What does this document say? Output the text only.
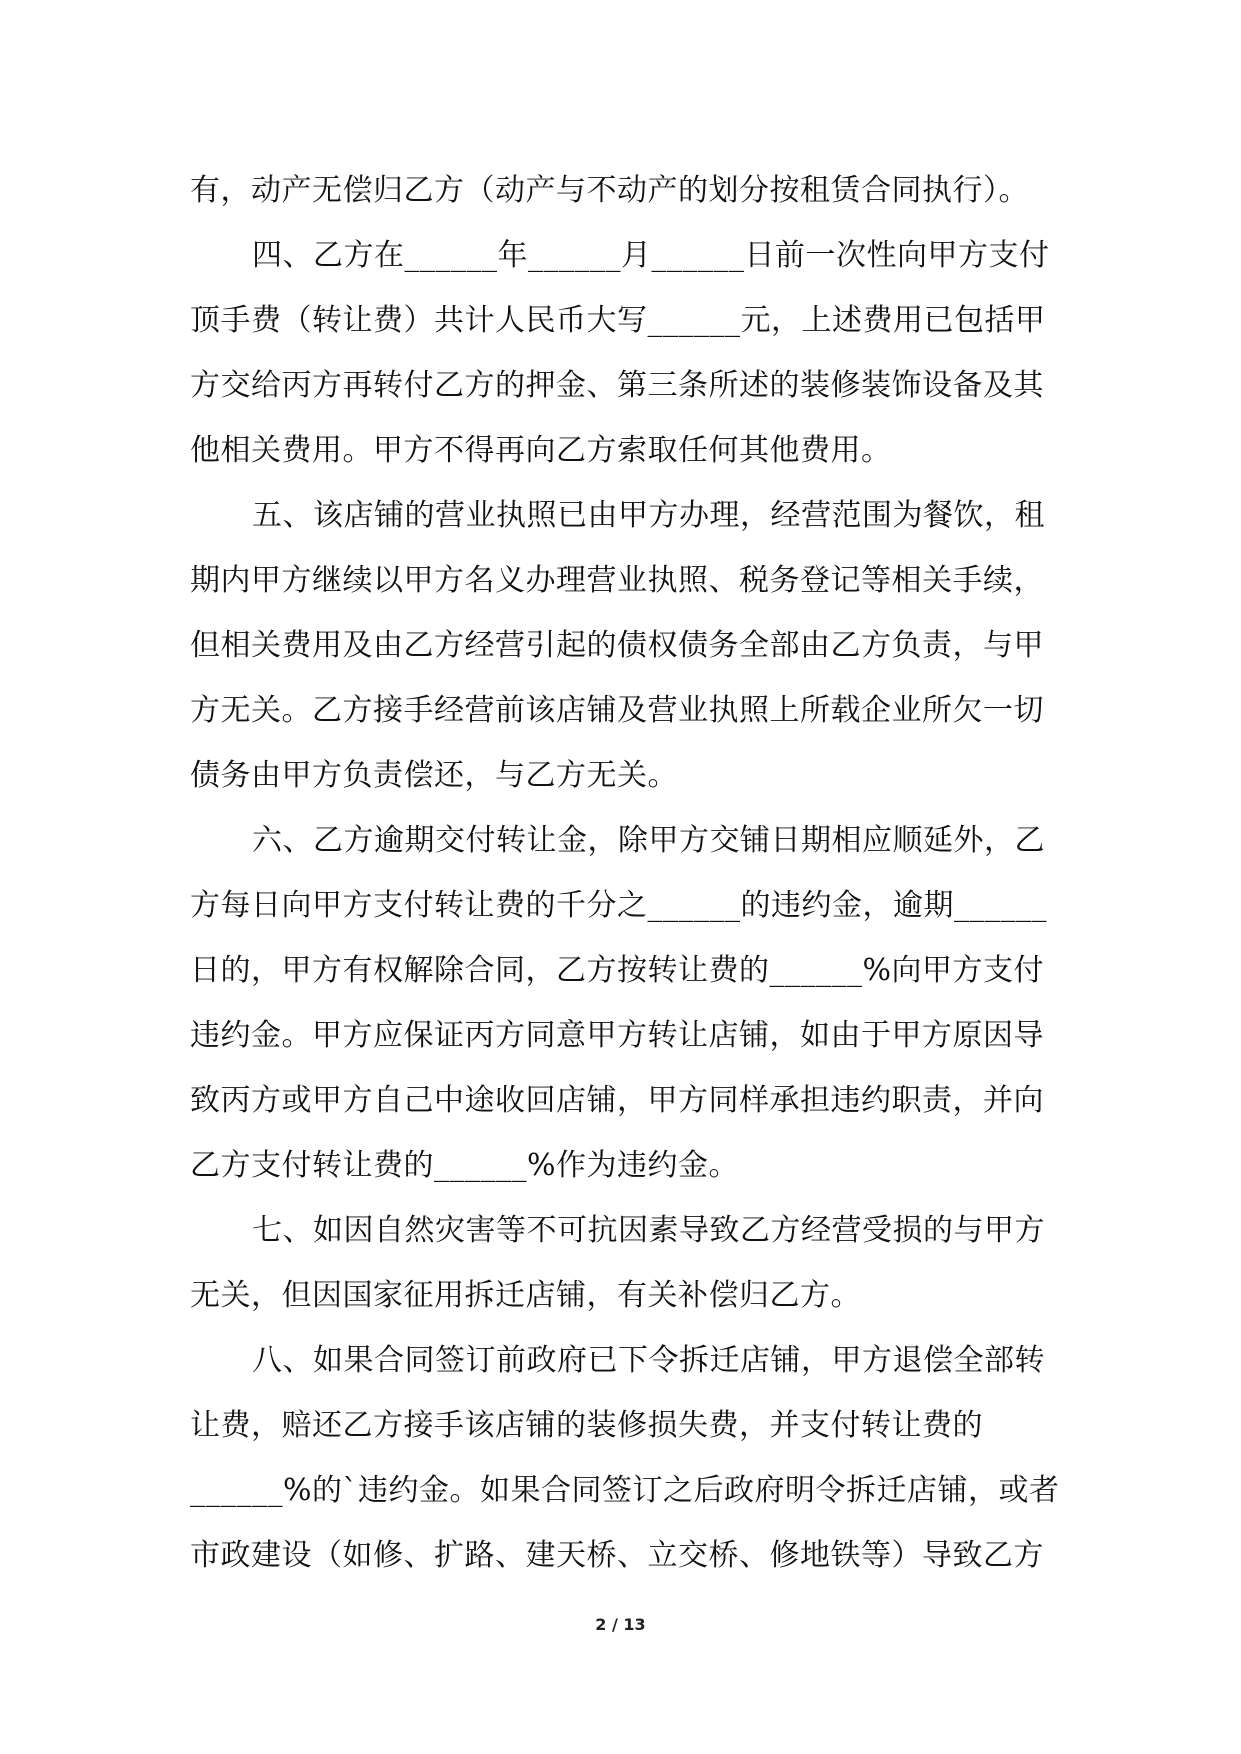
有，动产无偿归乙方（动产与不动产的划分按租赁合同执行）。
四、乙方在______年______月______日前一次性向甲方支付
顶手费（转让费）共计人民币大写______元，上述费用已包括甲
方交给丙方再转付乙方的押金、第三条所述的装修装饰设备及其
他相关费用。甲方不得再向乙方索取任何其他费用。
五、该店铺的营业执照已由甲方办理，经营范围为餐饮，租
期内甲方继续以甲方名义办理营业执照、税务登记等相关手续，
但相关费用及由乙方经营引起的债权债务全部由乙方负责，与甲
方无关。乙方接手经营前该店铺及营业执照上所载企业所欠一切
债务由甲方负责偿还，与乙方无关。
六、乙方逾期交付转让金，除甲方交铺日期相应顺延外，乙
方每日向甲方支付转让费的千分之______的违约金，逾期______
日的，甲方有权解除合同，乙方按转让费的______%向甲方支付
违约金。甲方应保证丙方同意甲方转让店铺，如由于甲方原因导
致丙方或甲方自己中途收回店铺，甲方同样承担违约职责，并向
乙方支付转让费的______%作为违约金。
七、如因自然灾害等不可抗因素导致乙方经营受损的与甲方
无关，但因国家征用拆迁店铺，有关补偿归乙方。
八、如果合同签订前政府已下令拆迁店铺，甲方退偿全部转
让费，赔还乙方接手该店铺的装修损失费，并支付转让费的
______%的`违约金。如果合同签订之后政府明令拆迁店铺，或者
市政建设（如修、扩路、建天桥、立交桥、修地铁等）导致乙方
2 / 13
